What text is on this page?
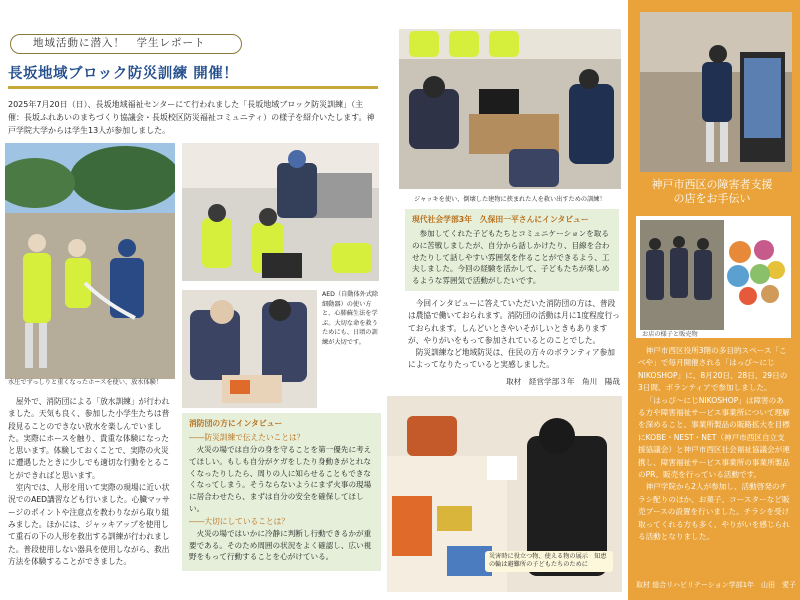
地域活動に潜入！　学生レポート
長坂地域ブロック防災訓練 開催！
2025年7月20日（日）、長坂地域福祉センターにて行われました「長坂地域ブロック防災訓練」（主催：長坂ふれあいのまちづくり協議会・長坂校区防災福祉コミュニティ）の様子を紹介いたします。神戸学院大学からは学生13人が参加しました。
水圧でずっしりと重くなったホースを使い、放水体験！
AED（自動体外式除細動器）の使い方と、心肺蘇生法を学ぶ。大切な命を救うためにも、日頃の訓練が大切です。

屋外で、消防団による「放水訓練」が行われました。天気も良く、参加した小学生たちは普段見ることのできない放水を楽しんでいました。実際にホースを触り、貴重な体験になったと思います。体験しておくことで、実際の火災に遭遇したときに少しでも適切な行動をとることができればと思います。

室内では、人形を用いて実際の現場に近い状況でのAED講習なども行いました。心臓マッサージのポイントや注意点を教わりながら取り組みました。ほかには、ジャッキアップを使用して重石の下の人形を救出する訓練が行われました。普段使用しない器具を使用しながら、救出方法を体験することができました。

消防団の方にインタビュー
――防災訓練で伝えたいことは？

火災の場では自分の身を守ることを第一優先に考えてほしい。もしも自分がケガをしたり身動きがとれなくなったりしたら、周りの人に知らせることもできなくなってしまう。そうならないようにまず火事の現場に居合わせたら、まずは自分の安全を確保してほしい。

――大切にしていることは？

火災の場ではいかに冷静に判断し行動できるかが重要である。そのため周囲の状況をよく確認し、広い視野をもって行動することを心がけている。

ジャッキを使い、倒壊した建物に挟まれた人を救い出すための訓練！
現代社会学部3年　久保田一平さんにインタビュー

参加してくれた子どもたちとコミュニケーションを取るのに苦戦しましたが、自分から話しかけたり、目線を合わせたりして話しやすい雰囲気を作ることができるよう、工夫しました。今回の経験を活かして、子どもたちが楽しめるような雰囲気で活動がしたいです。

今回インタビューに答えていただいた消防団の方は、普段は農協で働いておられます。消防団の活動は月に1度程度行っておられます。しんどいときやいそがしいときもありますが、やりがいをもって参加されているとのことでした。

防災訓練など地域防災は、住民の方々のボランティア参加によってなりたっていると実感しました。

取材　経営学部３年　角川　陽哉
災害時に役立つ物、使える物の展示　知恵の輪は避難所の子どもたちのために
神戸市西区の障害者支援の店をお手伝い
お店の様子と販売物

神戸市西区役所3階の多目的スペース「こべや」で毎月開催される「はっぴ〜にじNIKOSHOP」に、8月20日、28日、29日の3日間、ボランティアで参加しました。

「はっぴ〜にじNIKOSHOP」は障害のある方や障害福祉サービス事業所について理解を深めること、事業所製品の販路拡大を目標にKOBE・NEST・NET（神戸市西区自立支援協議会）と神戸市西区社会福祉協議会が連携し、障害福祉サービス事業所の事業所製品のPR、販売を行っている活動です。

神戸学院から2人が参加し、活動啓発のチラシ配りのほか、お菓子、コースターなど販売ブースの設置を行いました。チラシを受け取ってくれる方も多く、やりがいを感じられる活動となりました。

取材 総合リハビリテーション学部1年　山田　愛子
